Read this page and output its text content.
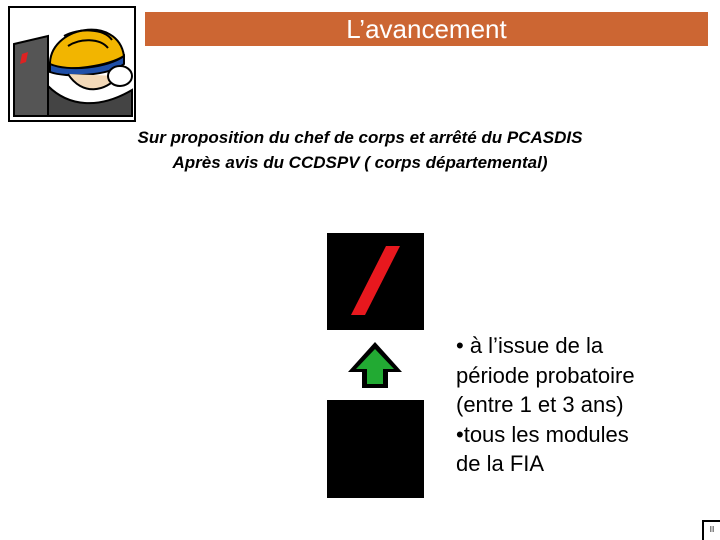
L’avancement
Sur proposition du chef de corps et arrêté du PCASDIS
Après avis du CCDSPV ( corps départemental)
• à l’issue de la
période probatoire
(entre 1 et 3 ans)
•tous les modules
de la FIA
II
